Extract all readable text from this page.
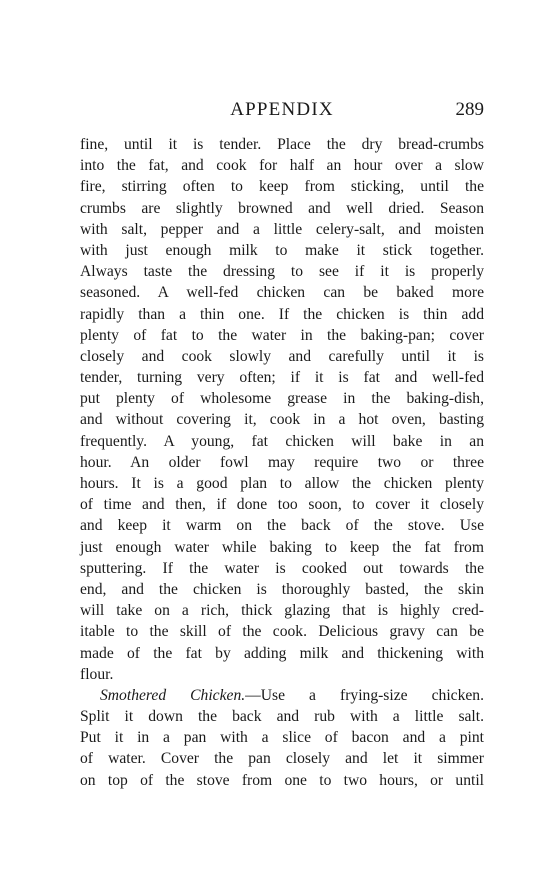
APPENDIX	289
fine, until it is tender. Place the dry bread-crumbs
into the fat, and cook for half an hour over a slow
fire, stirring often to keep from sticking, until the
crumbs are slightly browned and well dried. Season
with salt, pepper and a little celery-salt, and moisten
with just enough milk to make it stick together.
Always taste the dressing to see if it is properly
seasoned. A well-fed chicken can be baked more
rapidly than a thin one. If the chicken is thin add
plenty of fat to the water in the baking-pan; cover
closely and cook slowly and carefully until it is
tender, turning very often; if it is fat and well-fed
put plenty of wholesome grease in the baking-dish,
and without covering it, cook in a hot oven, basting
frequently. A young, fat chicken will bake in an
hour. An older fowl may require two or three
hours. It is a good plan to allow the chicken plenty
of time and then, if done too soon, to cover it closely
and keep it warm on the back of the stove. Use
just enough water while baking to keep the fat from
sputtering. If the water is cooked out towards the
end, and the chicken is thoroughly basted, the skin
will take on a rich, thick glazing that is highly cred-
itable to the skill of the cook. Delicious gravy can be
made of the fat by adding milk and thickening with
flour.
Smothered Chicken.—Use a frying-size chicken.
Split it down the back and rub with a little salt.
Put it in a pan with a slice of bacon and a pint
of water. Cover the pan closely and let it simmer
on top of the stove from one to two hours, or until
